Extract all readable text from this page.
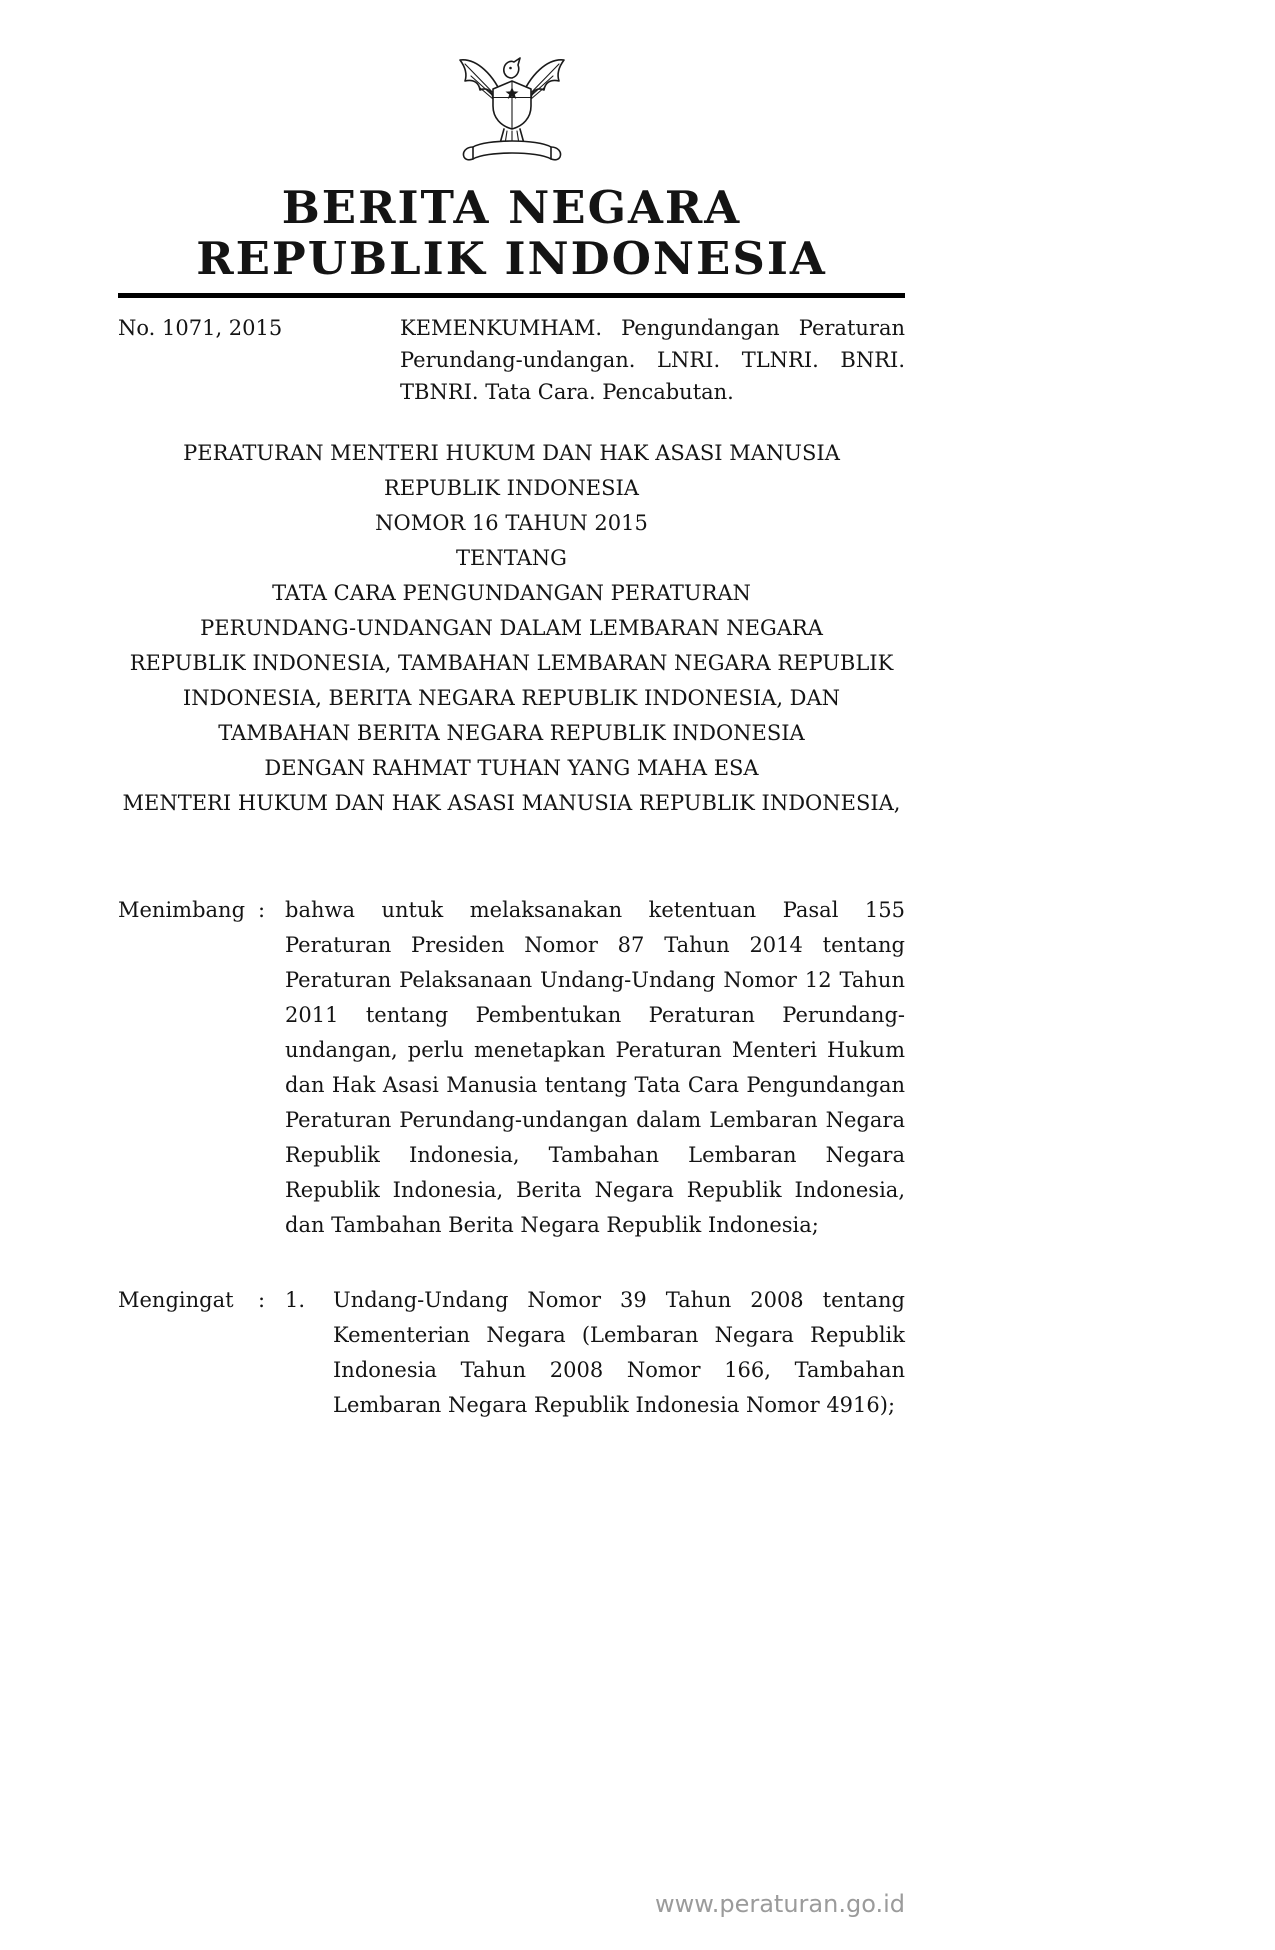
BERITA NEGARA
REPUBLIK INDONESIA
No. 1071, 2015	KEMENKUMHAM. Pengundangan Peraturan Perundang-undangan. LNRI. TLNRI. BNRI. TBNRI. Tata Cara. Pencabutan.
PERATURAN MENTERI HUKUM DAN HAK ASASI MANUSIA
REPUBLIK INDONESIA
NOMOR 16 TAHUN 2015
TENTANG
TATA CARA PENGUNDANGAN PERATURAN
PERUNDANG-UNDANGAN DALAM LEMBARAN NEGARA
REPUBLIK INDONESIA, TAMBAHAN LEMBARAN NEGARA REPUBLIK
INDONESIA, BERITA NEGARA REPUBLIK INDONESIA, DAN
TAMBAHAN BERITA NEGARA REPUBLIK INDONESIA
DENGAN RAHMAT TUHAN YANG MAHA ESA
MENTERI HUKUM DAN HAK ASASI MANUSIA REPUBLIK INDONESIA,
Menimbang : bahwa untuk melaksanakan ketentuan Pasal 155 Peraturan Presiden Nomor 87 Tahun 2014 tentang Peraturan Pelaksanaan Undang-Undang Nomor 12 Tahun 2011 tentang Pembentukan Peraturan Perundang-undangan, perlu menetapkan Peraturan Menteri Hukum dan Hak Asasi Manusia tentang Tata Cara Pengundangan Peraturan Perundang-undangan dalam Lembaran Negara Republik Indonesia, Tambahan Lembaran Negara Republik Indonesia, Berita Negara Republik Indonesia, dan Tambahan Berita Negara Republik Indonesia;
Mengingat	: 1.	Undang-Undang Nomor 39 Tahun 2008 tentang Kementerian Negara (Lembaran Negara Republik Indonesia Tahun 2008 Nomor 166, Tambahan Lembaran Negara Republik Indonesia Nomor 4916);
www.peraturan.go.id
